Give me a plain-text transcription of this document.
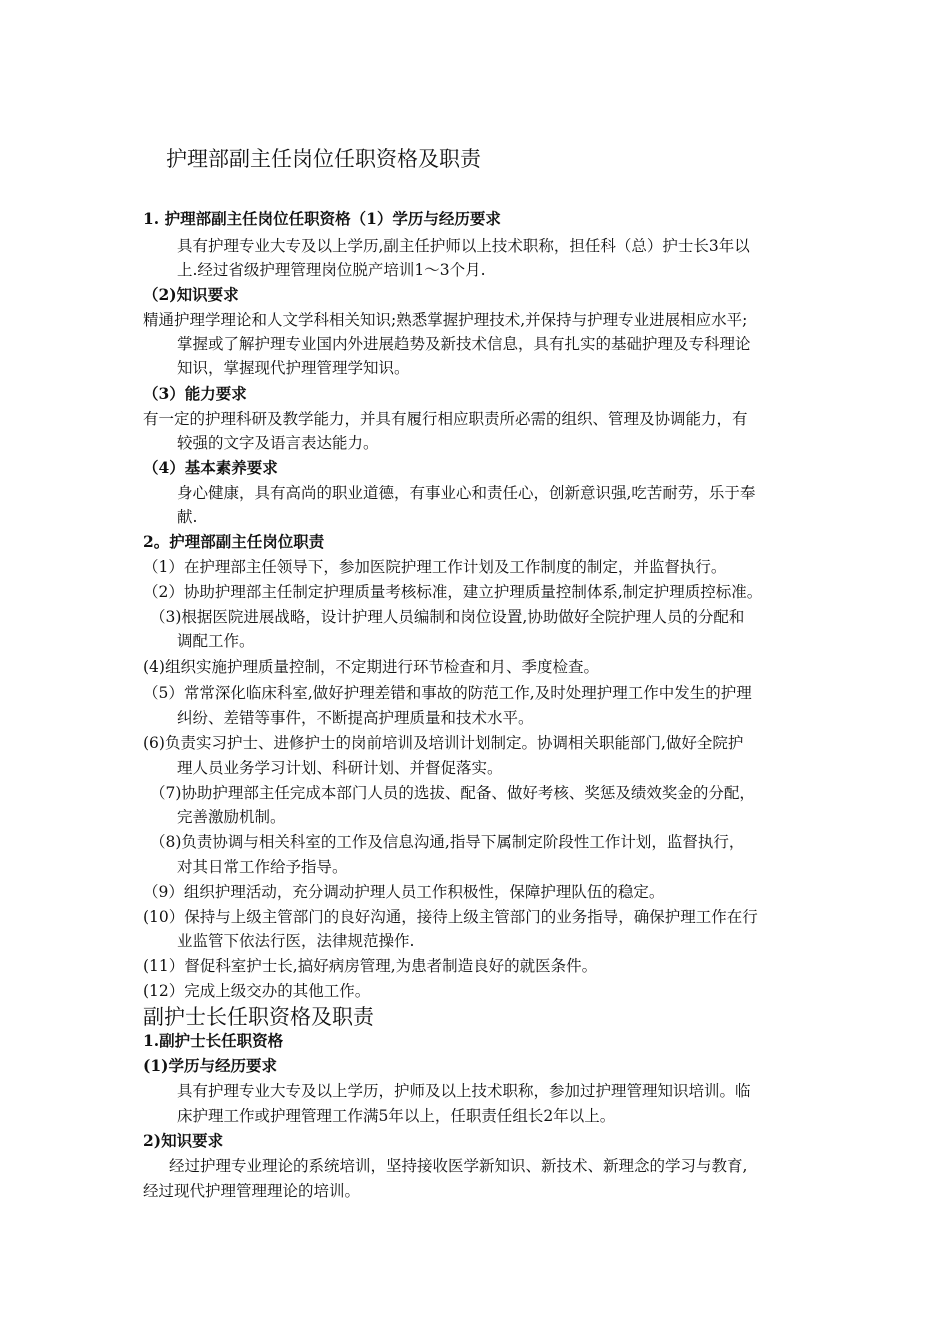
护理部副主任岗位任职资格及职责
1. 护理部副主任岗位任职资格（1）学历与经历要求
具有护理专业大专及以上学历,副主任护师以上技术职称，担任科（总）护士长3年以
上.经过省级护理管理岗位脱产培训1～3个月.
（2)知识要求
精通护理学理论和人文学科相关知识;熟悉掌握护理技术,并保持与护理专业进展相应水平;
掌握或了解护理专业国内外进展趋势及新技术信息，具有扎实的基础护理及专科理论
知识，掌握现代护理管理学知识。
（3）能力要求
有一定的护理科研及教学能力，并具有履行相应职责所必需的组织、管理及协调能力，有
较强的文字及语言表达能力。
（4）基本素养要求
身心健康，具有高尚的职业道德，有事业心和责任心，创新意识强,吃苦耐劳，乐于奉
献.
2。护理部副主任岗位职责
（1）在护理部主任领导下，参加医院护理工作计划及工作制度的制定，并监督执行。
（2）协助护理部主任制定护理质量考核标准，建立护理质量控制体系,制定护理质控标准。
（3)根据医院进展战略，设计护理人员编制和岗位设置,协助做好全院护理人员的分配和
调配工作。
(4)组织实施护理质量控制，不定期进行环节检查和月、季度检查。
（5）常常深化临床科室,做好护理差错和事故的防范工作,及时处理护理工作中发生的护理
纠纷、差错等事件，不断提高护理质量和技术水平。
(6)负责实习护士、进修护士的岗前培训及培训计划制定。协调相关职能部门,做好全院护
理人员业务学习计划、科研计划、并督促落实。
（7)协助护理部主任完成本部门人员的选拔、配备、做好考核、奖惩及绩效奖金的分配，
完善激励机制。
（8)负责协调与相关科室的工作及信息沟通,指导下属制定阶段性工作计划，监督执行，
对其日常工作给予指导。
（9）组织护理活动，充分调动护理人员工作积极性，保障护理队伍的稳定。
(10）保持与上级主管部门的良好沟通，接待上级主管部门的业务指导，确保护理工作在行
业监管下依法行医，法律规范操作.
(11）督促科室护士长,搞好病房管理,为患者制造良好的就医条件。
(12）完成上级交办的其他工作。
副护士长任职资格及职责
1.副护士长任职资格
(1)学历与经历要求
具有护理专业大专及以上学历，护师及以上技术职称，参加过护理管理知识培训。临
床护理工作或护理管理工作满5年以上，任职责任组长2年以上。
2)知识要求
经过护理专业理论的系统培训，坚持接收医学新知识、新技术、新理念的学习与教育,
经过现代护理管理理论的培训。
